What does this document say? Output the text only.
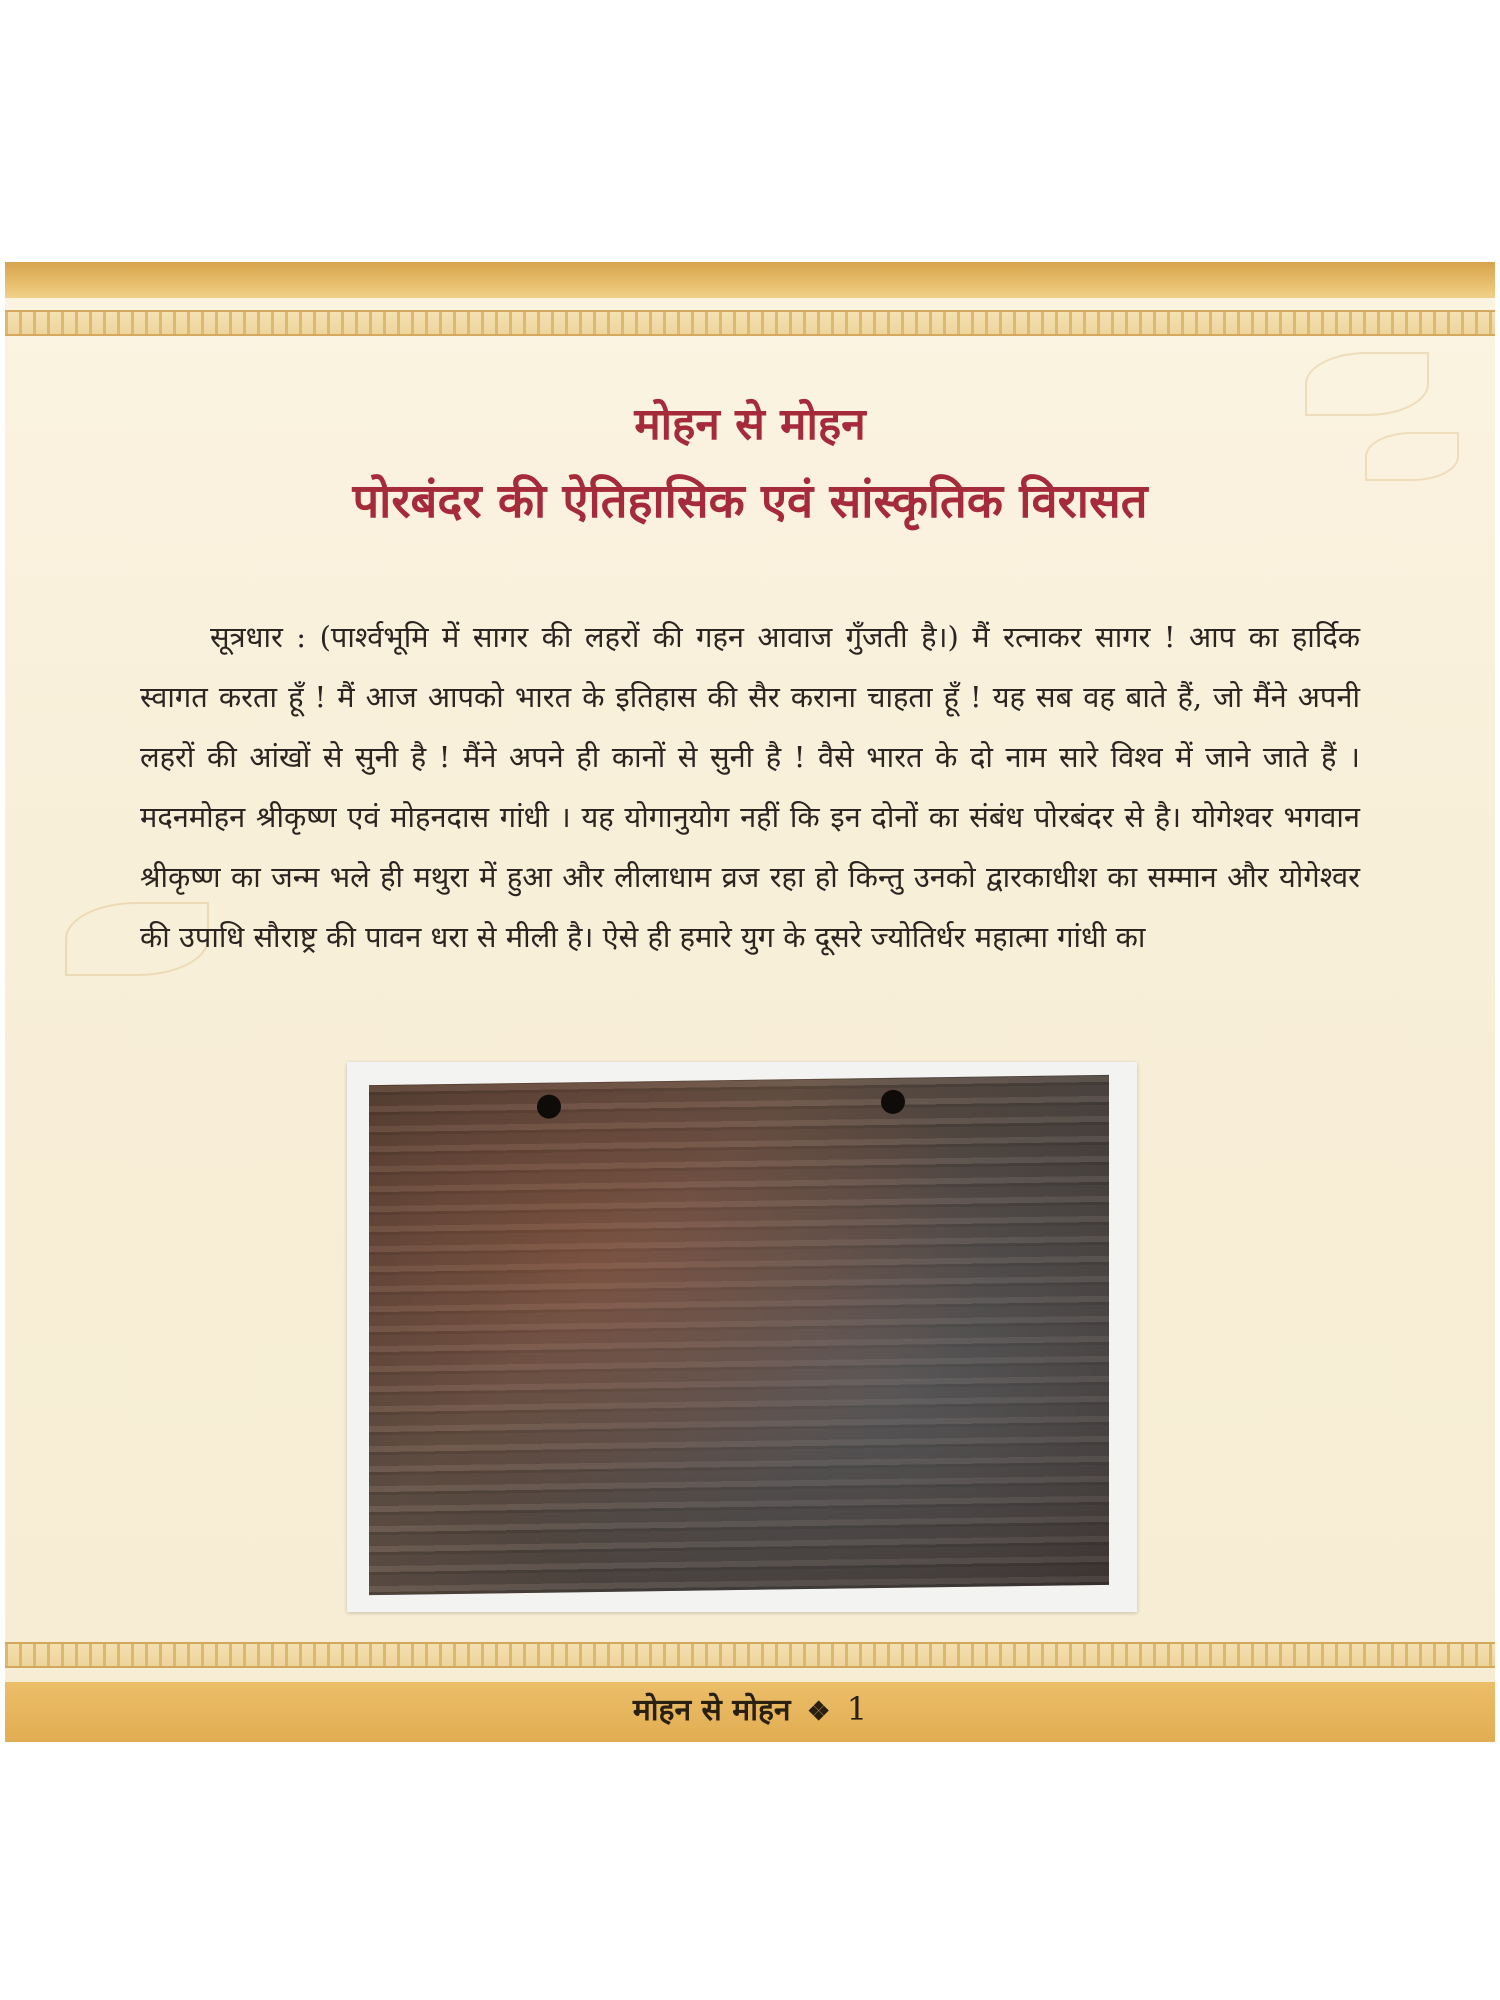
मोहन से मोहन
पोरबंदर की ऐतिहासिक एवं सांस्कृतिक विरासत
सूत्रधार : (पार्श्वभूमि में सागर की लहरों की गहन आवाज गुँजती है।) मैं रत्नाकर सागर ! आप का हार्दिक स्वागत करता हूँ ! मैं आज आपको भारत के इतिहास की सैर कराना चाहता हूँ ! यह सब वह बाते हैं, जो मैंने अपनी लहरों की आंखों से सुनी है ! मैंने अपने ही कानों से सुनी है ! वैसे भारत के दो नाम सारे विश्व में जाने जाते हैं । मदनमोहन श्रीकृष्ण एवं मोहनदास गांधी । यह योगानुयोग नहीं कि इन दोनों का संबंध पोरबंदर से है। योगेश्वर भगवान श्रीकृष्ण का जन्म भले ही मथुरा में हुआ और लीलाधाम व्रज रहा हो किन्तु उनको द्वारकाधीश का सम्मान और योगेश्वर की उपाधि सौराष्ट्र की पावन धरा से मीली है। ऐसे ही हमारे युग के दूसरे ज्योतिर्धर महात्मा गांधी का
मोहन से मोहन ❖ 1
